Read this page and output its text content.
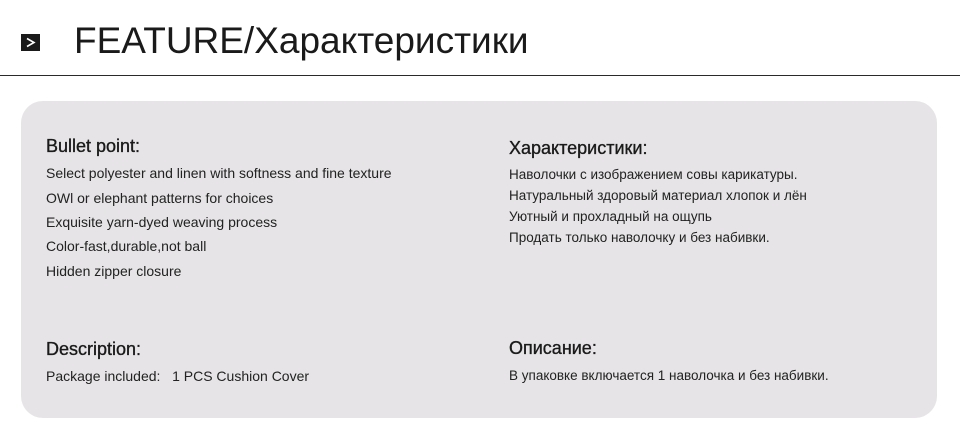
FEATURE/Характеристики
Bullet point:
Select polyester and linen with softness and fine texture
OWl or elephant patterns for choices
Exquisite yarn-dyed weaving process
Color-fast,durable,not ball
Hidden zipper closure
Характеристики:
Наволочки с изображением совы карикатуры.
Натуральный здоровый материал хлопок и лён
Уютный и прохладный на ощупь
Продать только наволочку и без набивки.
Description:
Package included:   1 PCS Cushion Cover
Описание:
В упаковке включается 1 наволочка и без набивки.
